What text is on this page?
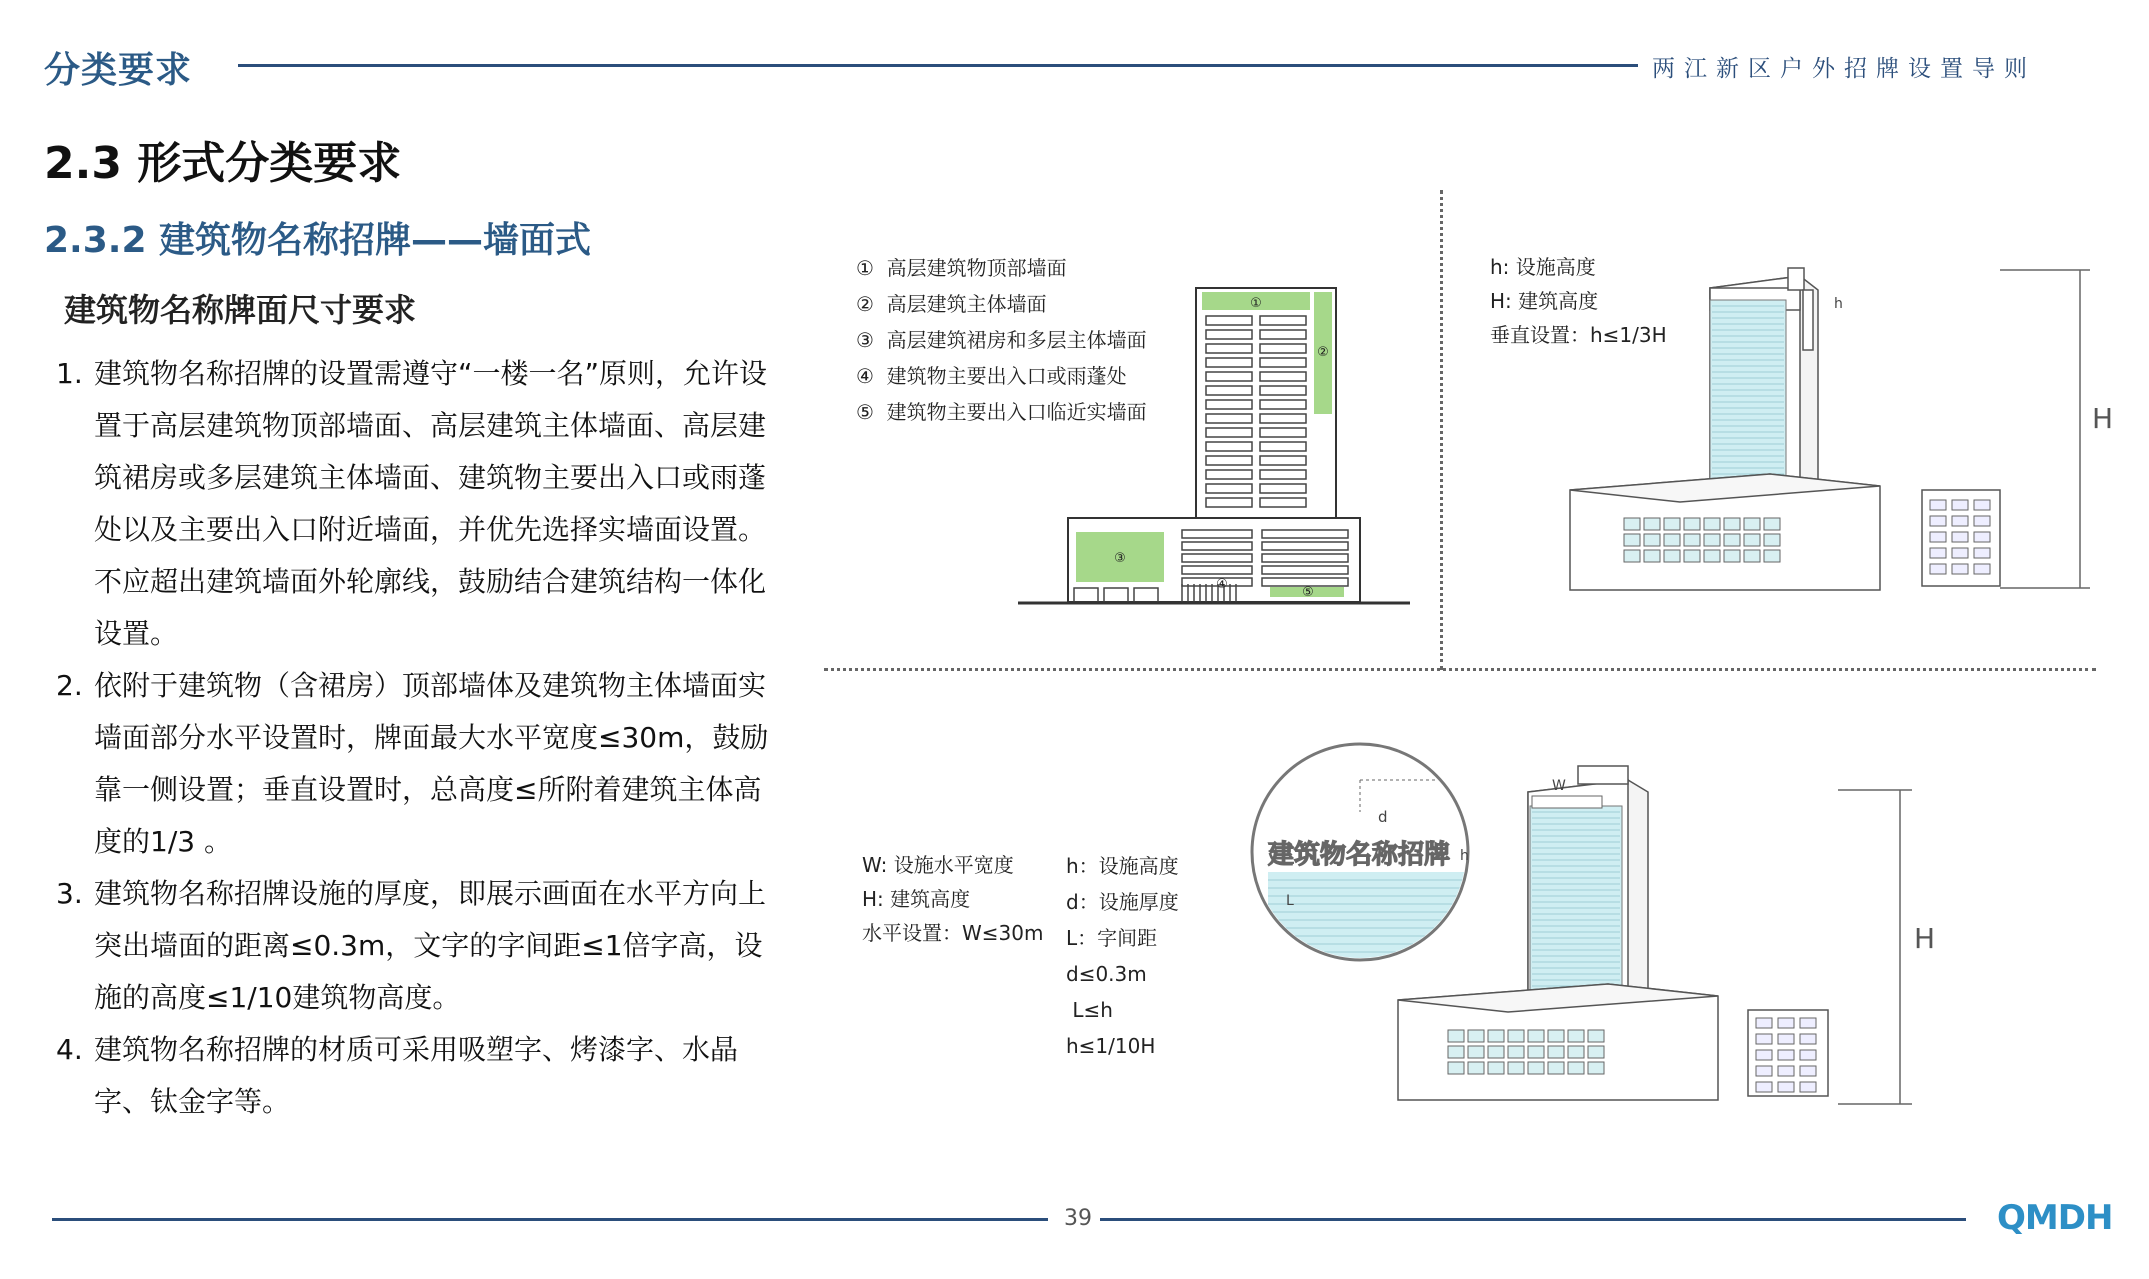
分类要求	两江新区户外招牌设置导则
2.3 形式分类要求
2.3.2 建筑物名称招牌——墙面式
建筑物名称牌面尺寸要求
1. 建筑物名称招牌的设置需遵守“一楼一名”原则，允许设置于高层建筑物顶部墙面、高层建筑主体墙面、高层建筑裙房或多层建筑主体墙面、建筑物主要出入口或雨蓬处以及主要出入口附近墙面，并优先选择实墙面设置。不应超出建筑墙面外轮廓线，鼓励结合建筑结构一体化设置。
2. 依附于建筑物（含裙房）顶部墙体及建筑物主体墙面实墙面部分水平设置时，牌面最大水平宽度≤30m，鼓励靠一侧设置；垂直设置时，总高度≤所附着建筑主体高度的1/3 。
3. 建筑物名称招牌设施的厚度，即展示画面在水平方向上突出墙面的距离≤0.3m，文字的字间距≤1倍字高，设施的高度≤1/10建筑物高度。
4. 建筑物名称招牌的材质可采用吸塑字、烤漆字、水晶字、钛金字等。
① 高层建筑物顶部墙面
② 高层建筑主体墙面
③ 高层建筑裙房和多层主体墙面
④ 建筑物主要出入口或雨蓬处
⑤ 建筑物主要出入口临近实墙面
①
②
③
④
⑤
h: 设施高度
H: 建筑高度
垂直设置：h≤1/3H
h
H
W: 设施水平宽度
H: 建筑高度
水平设置：W≤30m
h：设施高度
d：设施厚度
L：字间距
d≤0.3m
L≤h
h≤1/10H
建筑物名称招牌
d
h
L
W
H
39	QMDH
